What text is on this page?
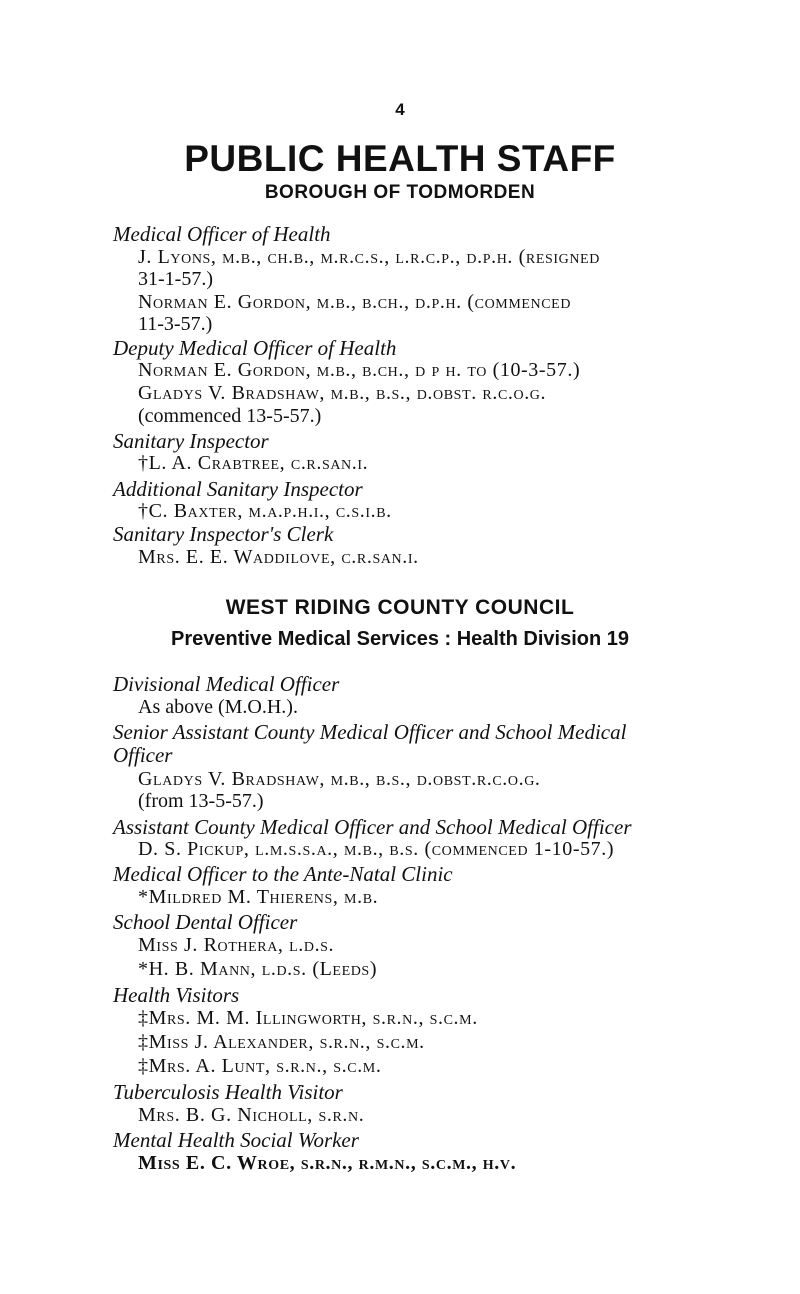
4
PUBLIC HEALTH STAFF
BOROUGH OF TODMORDEN
Medical Officer of Health
J. Lyons, m.b., ch.b., m.r.c.s., l.r.c.p., d.p.h. (resigned
31-1-57.)
Norman E. Gordon, m.b., b.ch., d.p.h. (commenced
11-3-57.)
Deputy Medical Officer of Health
Norman E. Gordon, m.b., b.ch., d p h. to (10-3-57.)
Gladys V. Bradshaw, m.b., b.s., d.obst. r.c.o.g.
(commenced 13-5-57.)
Sanitary Inspector
†L. A. Crabtree, c.r.san.i.
Additional Sanitary Inspector
†C. Baxter, m.a.p.h.i., c.s.i.b.
Sanitary Inspector's Clerk
Mrs. E. E. Waddilove, c.r.san.i.
WEST RIDING COUNTY COUNCIL
Preventive Medical Services : Health Division 19
Divisional Medical Officer
As above (M.O.H.).
Senior Assistant County Medical Officer and School Medical
Officer
Gladys V. Bradshaw, m.b., b.s., d.obst.r.c.o.g.
(from 13-5-57.)
Assistant County Medical Officer and School Medical Officer
D. S. Pickup, l.m.s.s.a., m.b., b.s. (commenced 1-10-57.)
Medical Officer to the Ante-Natal Clinic
*Mildred M. Thierens, m.b.
School Dental Officer
Miss J. Rothera, l.d.s.
*H. B. Mann, l.d.s. (Leeds)
Health Visitors
‡Mrs. M. M. Illingworth, s.r.n., s.c.m.
‡Miss J. Alexander, s.r.n., s.c.m.
‡Mrs. A. Lunt, s.r.n., s.c.m.
Tuberculosis Health Visitor
Mrs. B. G. Nicholl, s.r.n.
Mental Health Social Worker
Miss E. C. Wroe, s.r.n., r.m.n., s.c.m., h.v.
